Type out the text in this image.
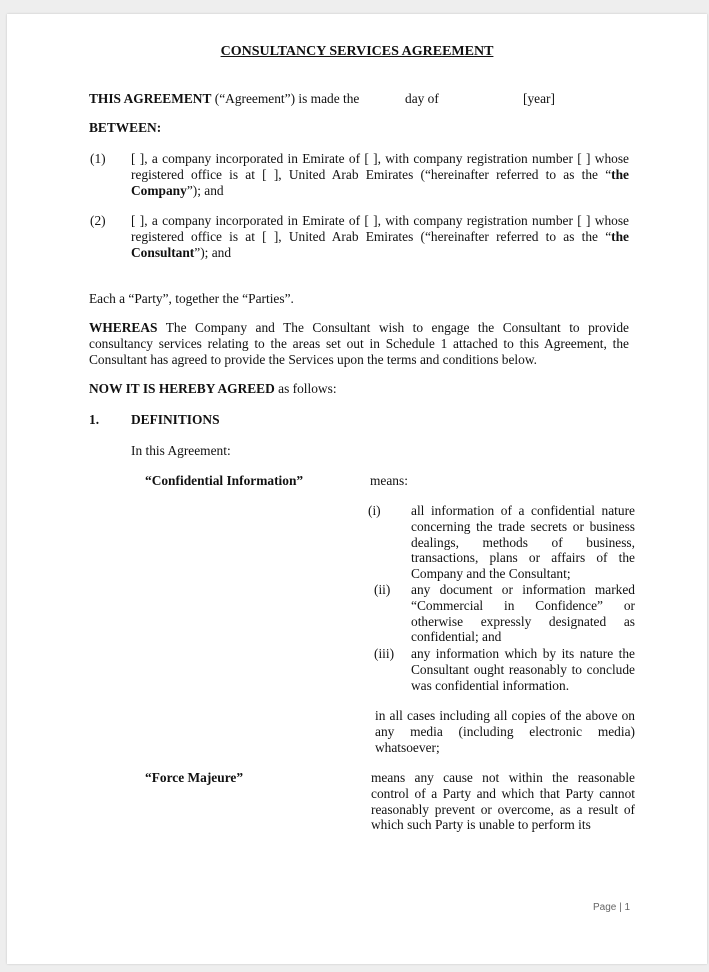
CONSULTANCY SERVICES AGREEMENT
THIS AGREEMENT (“Agreement”) is made the	day of	[year]
BETWEEN:
(1) [ ], a company incorporated in Emirate of [ ], with company registration number [ ] whose registered office is at [ ], United Arab Emirates (“hereinafter referred to as the “the Company”); and
(2) [ ], a company incorporated in Emirate of [ ], with company registration number [ ] whose registered office is at [ ], United Arab Emirates (“hereinafter referred to as the “the Consultant”); and
Each a “Party”, together the “Parties”.
WHEREAS The Company and The Consultant wish to engage the Consultant to provide consultancy services relating to the areas set out in Schedule 1 attached to this Agreement, the Consultant has agreed to provide the Services upon the terms and conditions below.
NOW IT IS HEREBY AGREED as follows:
1. DEFINITIONS
In this Agreement:
“Confidential Information”	means:
(i) all information of a confidential nature concerning the trade secrets or business dealings, methods of business, transactions, plans or affairs of the Company and the Consultant;
(ii) any document or information marked “Commercial in Confidence” or otherwise expressly designated as confidential; and
(iii) any information which by its nature the Consultant ought reasonably to conclude was confidential information.
in all cases including all copies of the above on any media (including electronic media) whatsoever;
“Force Majeure”	means any cause not within the reasonable control of a Party and which that Party cannot reasonably prevent or overcome, as a result of which such Party is unable to perform its
Page | 1
